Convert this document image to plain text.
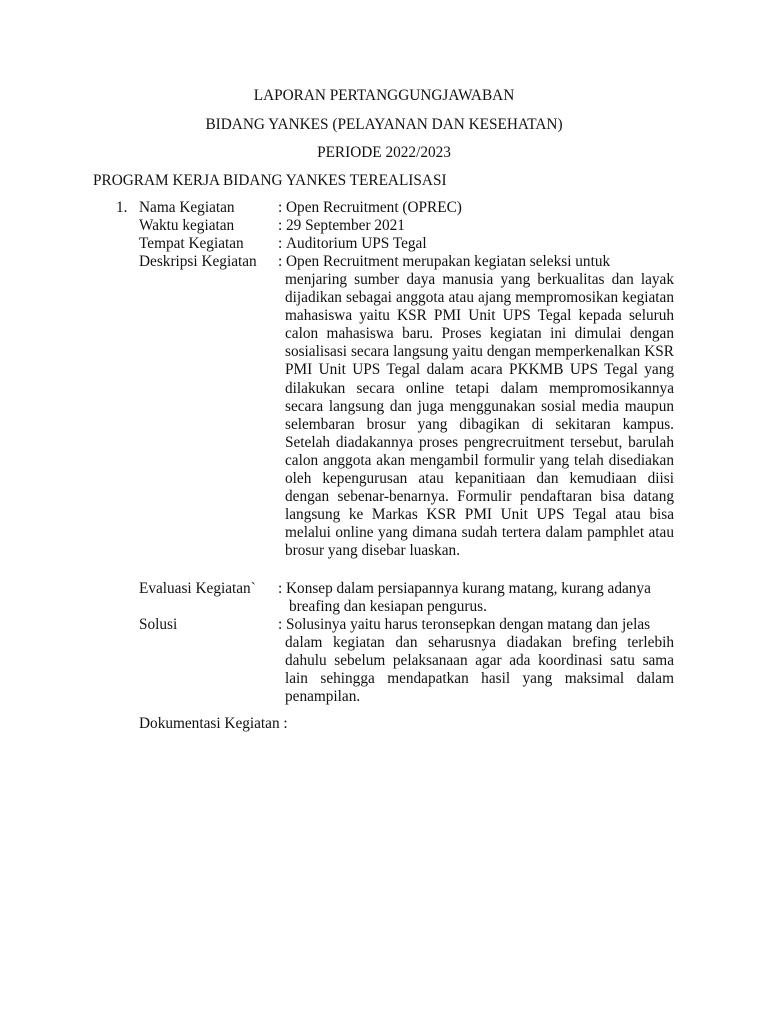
LAPORAN PERTANGGUNGJAWABAN
BIDANG YANKES (PELAYANAN DAN KESEHATAN)
PERIODE 2022/2023
PROGRAM KERJA BIDANG YANKES TEREALISASI
1. Nama Kegiatan	: Open Recruitment (OPREC)
Waktu kegiatan	: 29 September 2021
Tempat Kegiatan : Auditorium UPS Tegal
Deskripsi Kegiatan : Open Recruitment merupakan kegiatan seleksi untuk
menjaring sumber daya manusia yang berkualitas dan layak dijadikan sebagai anggota atau ajang mempromosikan kegiatan mahasiswa yaitu KSR PMI Unit UPS Tegal kepada seluruh calon mahasiswa baru. Proses kegiatan ini dimulai dengan sosialisasi secara langsung yaitu dengan memperkenalkan KSR PMI Unit UPS Tegal dalam acara PKKMB UPS Tegal yang dilakukan secara online tetapi dalam mempromosikannya secara langsung dan juga menggunakan sosial media maupun selembaran brosur yang dibagikan di sekitaran kampus. Setelah diadakannya proses pengrecruitment tersebut, barulah calon anggota akan mengambil formulir yang telah disediakan oleh kepengurusan atau kepanitiaan dan kemudiaan diisi dengan sebenar-benarnya. Formulir pendaftaran bisa datang langsung ke Markas KSR PMI Unit UPS Tegal atau bisa melalui online yang dimana sudah tertera dalam pamphlet atau brosur yang disebar luaskan.
Evaluasi Kegiatan` : Konsep dalam persiapannya kurang matang, kurang adanya
breafing dan kesiapan pengurus.
Solusi	: Solusinya yaitu harus teronsepkan dengan matang dan jelas
dalam kegiatan dan seharusnya diadakan brefing terlebih dahulu sebelum pelaksanaan agar ada koordinasi satu sama lain sehingga mendapatkan hasil yang maksimal dalam penampilan.
Dokumentasi Kegiatan :
